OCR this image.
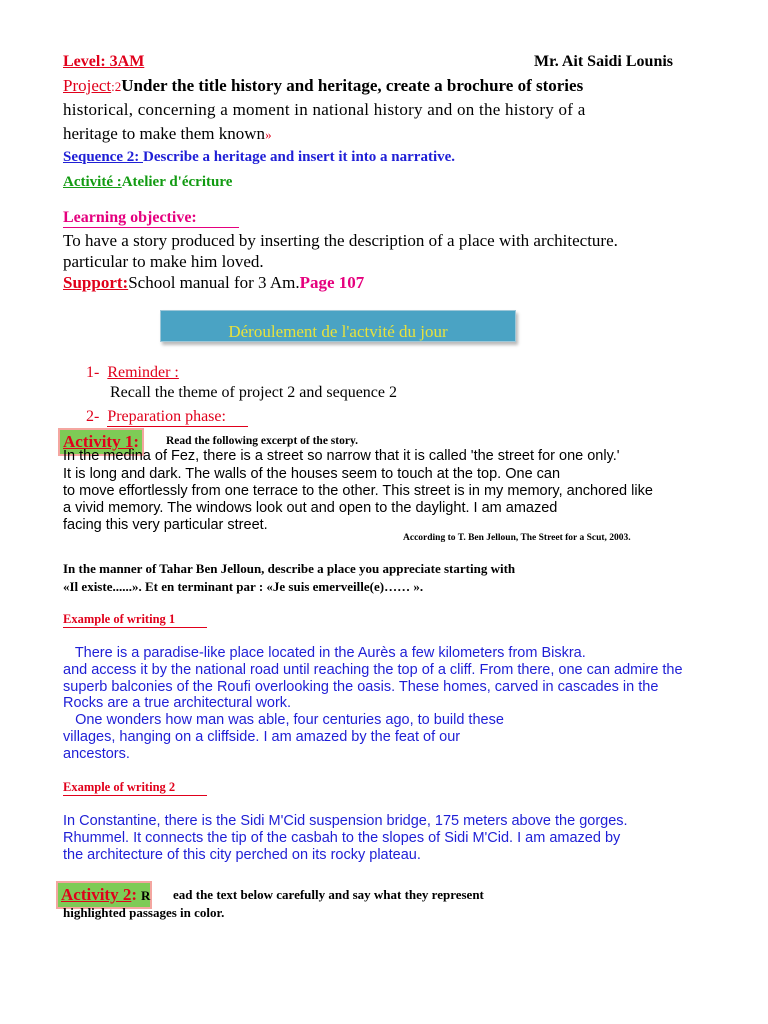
Level: 3AM	Mr. Ait Saidi Lounis
Project:2Under the title history and heritage, create a brochure of stories
historical, concerning a moment in national history and on the history of a
heritage to make them known»
Sequence 2: Describe a heritage and insert it into a narrative.
Activité :Atelier d'écriture
Learning objective:
To have a story produced by inserting the description of a place with architecture.
particular to make him loved.
Support:School manual for 3 Am.Page 107
Déroulement de l'actvité du jour
1- Reminder :
Recall the theme of project 2 and sequence 2
2- Preparation phase:
Activity 1:	Read the following excerpt of the story.
In the medina of Fez, there is a street so narrow that it is called 'the street for one only.'
It is long and dark. The walls of the houses seem to touch at the top. One can
to move effortlessly from one terrace to the other. This street is in my memory, anchored like
a vivid memory. The windows look out and open to the daylight. I am amazed
facing this very particular street.
According to T. Ben Jelloun, The Street for a Scut, 2003.
In the manner of Tahar Ben Jelloun, describe a place you appreciate starting with
«Il existe......». Et en terminant par : «Je suis emerveille(e)…… ».
Example of writing 1
There is a paradise-like place located in the Aurès a few kilometers from Biskra.
and access it by the national road until reaching the top of a cliff. From there, one can admire the
superb balconies of the Roufi overlooking the oasis. These homes, carved in cascades in the
Rocks are a true architectural work.
One wonders how man was able, four centuries ago, to build these
villages, hanging on a cliffside. I am amazed by the feat of our
ancestors.
Example of writing 2
In Constantine, there is the Sidi M'Cid suspension bridge, 175 meters above the gorges.
Rhummel. It connects the tip of the casbah to the slopes of Sidi M'Cid. I am amazed by
the architecture of this city perched on its rocky plateau.
Activity 2: R ead the text below carefully and say what they represent
highlighted passages in color.
